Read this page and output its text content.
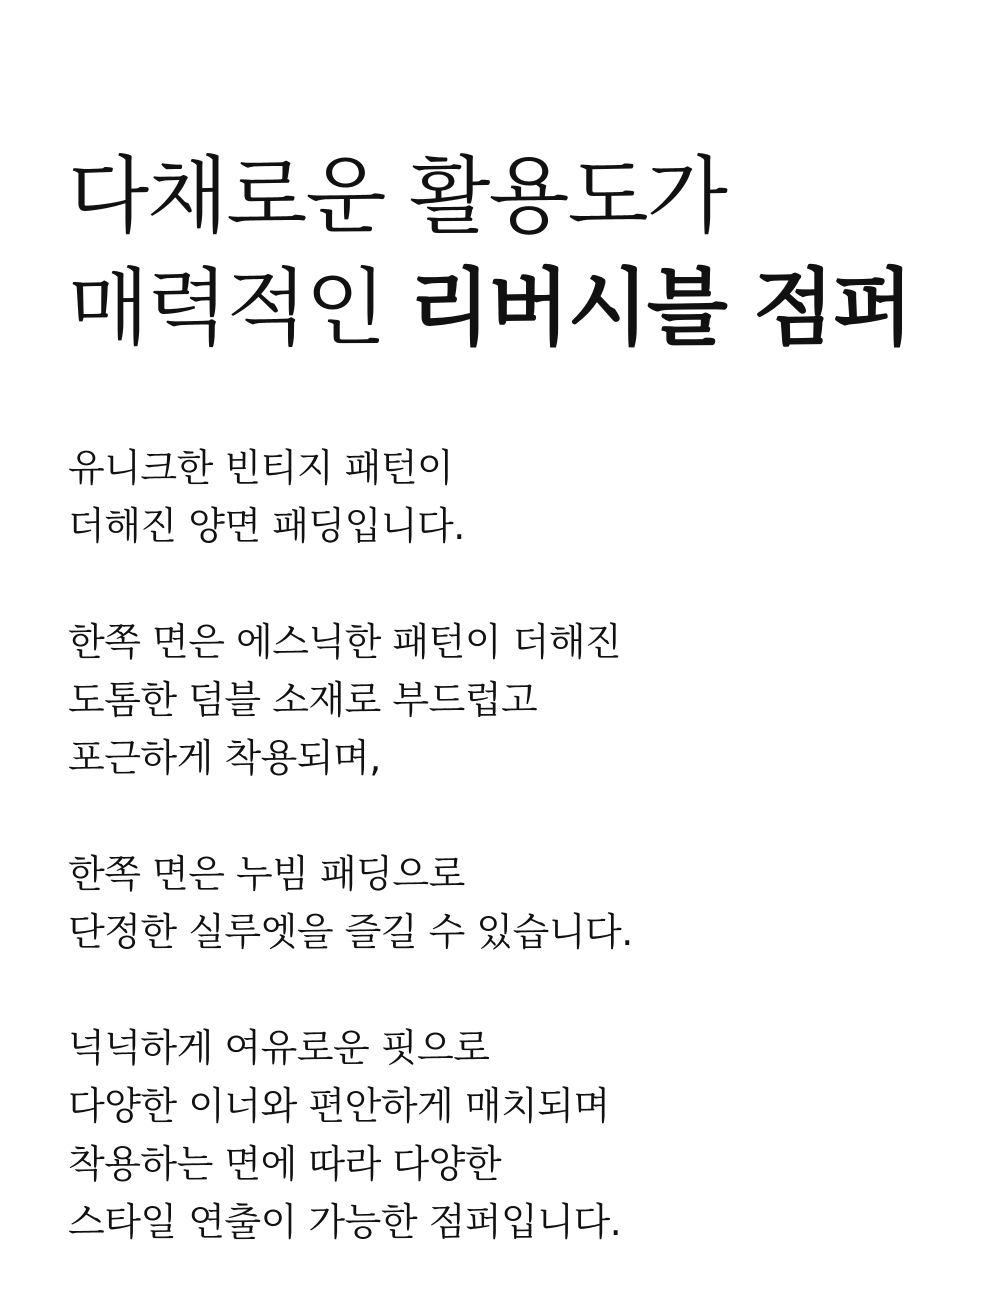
다채로운 활용도가
매력적인 리버시블 점퍼

유니크한 빈티지 패턴이
더해진 양면 패딩입니다.

한쪽 면은 에스닉한 패턴이 더해진
도톰한 덤블 소재로 부드럽고
포근하게 착용되며,

한쪽 면은 누빔 패딩으로
단정한 실루엣을 즐길 수 있습니다.

넉넉하게 여유로운 핏으로
다양한 이너와 편안하게 매치되며
착용하는 면에 따라 다양한
스타일 연출이 가능한 점퍼입니다.
